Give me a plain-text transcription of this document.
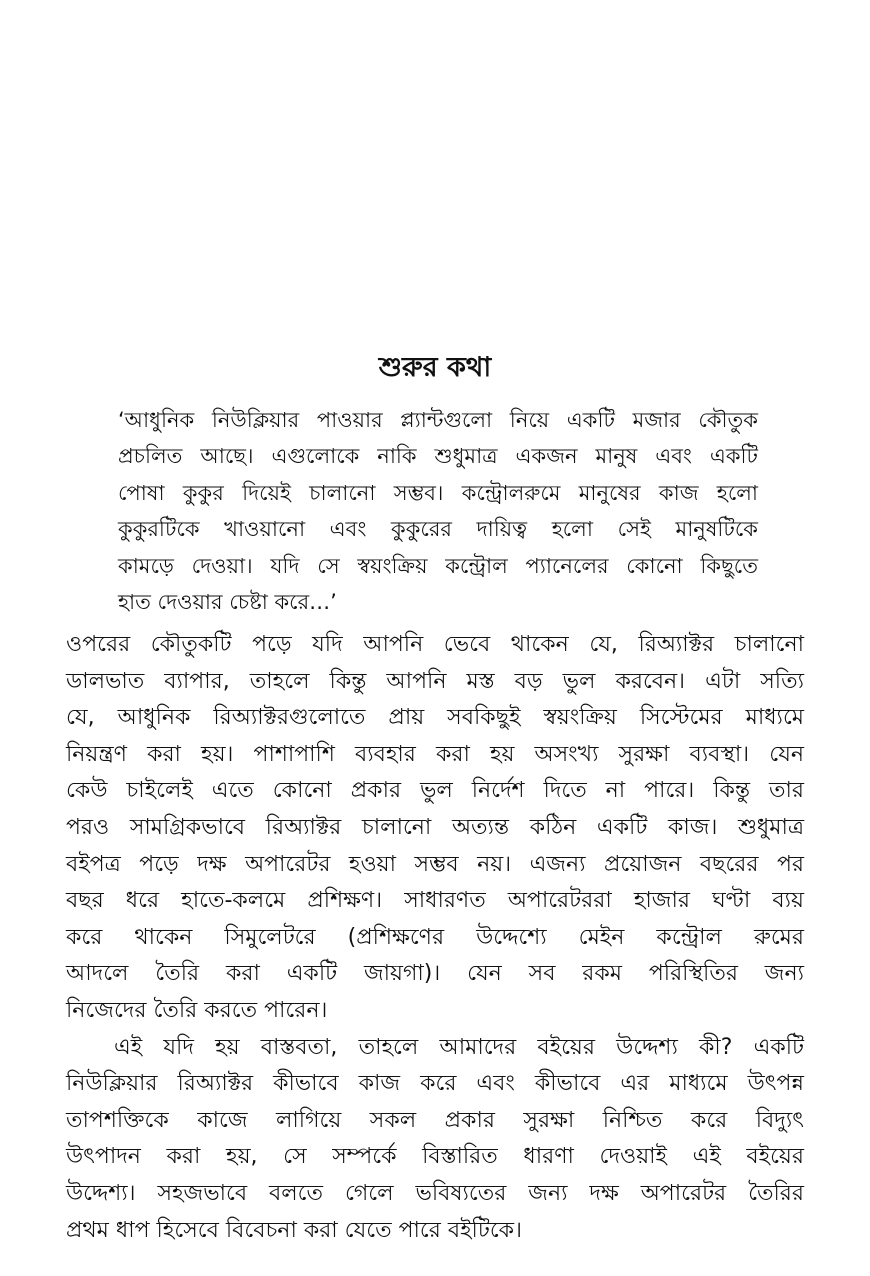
শুরুর কথা
‘আধুনিক নিউক্লিয়ার পাওয়ার প্ল্যান্টগুলো নিয়ে একটি মজার কৌতুক
প্রচলিত আছে। এগুলোকে নাকি শুধুমাত্র একজন মানুষ এবং একটি
পোষা কুকুর দিয়েই চালানো সম্ভব। কন্ট্রোলরুমে মানুষের কাজ হলো
কুকুরটিকে খাওয়ানো এবং কুকুরের দায়িত্ব হলো সেই মানুষটিকে
কামড়ে দেওয়া। যদি সে স্বয়ংক্রিয় কন্ট্রোল প্যানেলের কোনো কিছুতে
হাত দেওয়ার চেষ্টা করে…’
ওপরের কৌতুকটি পড়ে যদি আপনি ভেবে থাকেন যে, রিঅ্যাক্টর চালানো
ডালভাত ব্যাপার, তাহলে কিন্তু আপনি মস্ত বড় ভুল করবেন। এটা সত্যি
যে, আধুনিক রিঅ্যাক্টরগুলোতে প্রায় সবকিছুই স্বয়ংক্রিয় সিস্টেমের মাধ্যমে
নিয়ন্ত্রণ করা হয়। পাশাপাশি ব্যবহার করা হয় অসংখ্য সুরক্ষা ব্যবস্থা। যেন
কেউ চাইলেই এতে কোনো প্রকার ভুল নির্দেশ দিতে না পারে। কিন্তু তার
পরও সামগ্রিকভাবে রিঅ্যাক্টর চালানো অত্যন্ত কঠিন একটি কাজ। শুধুমাত্র
বইপত্র পড়ে দক্ষ অপারেটর হওয়া সম্ভব নয়। এজন্য প্রয়োজন বছরের পর
বছর ধরে হাতে-কলমে প্রশিক্ষণ। সাধারণত অপারেটররা হাজার ঘণ্টা ব্যয়
করে থাকেন সিমুলেটরে (প্রশিক্ষণের উদ্দেশ্যে মেইন কন্ট্রোল রুমের
আদলে তৈরি করা একটি জায়গা)। যেন সব রকম পরিস্থিতির জন্য
নিজেদের তৈরি করতে পারেন।
এই যদি হয় বাস্তবতা, তাহলে আমাদের বইয়ের উদ্দেশ্য কী? একটি
নিউক্লিয়ার রিঅ্যাক্টর কীভাবে কাজ করে এবং কীভাবে এর মাধ্যমে উৎপন্ন
তাপশক্তিকে কাজে লাগিয়ে সকল প্রকার সুরক্ষা নিশ্চিত করে বিদ্যুৎ
উৎপাদন করা হয়, সে সম্পর্কে বিস্তারিত ধারণা দেওয়াই এই বইয়ের
উদ্দেশ্য। সহজভাবে বলতে গেলে ভবিষ্যতের জন্য দক্ষ অপারেটর তৈরির
প্রথম ধাপ হিসেবে বিবেচনা করা যেতে পারে বইটিকে।
